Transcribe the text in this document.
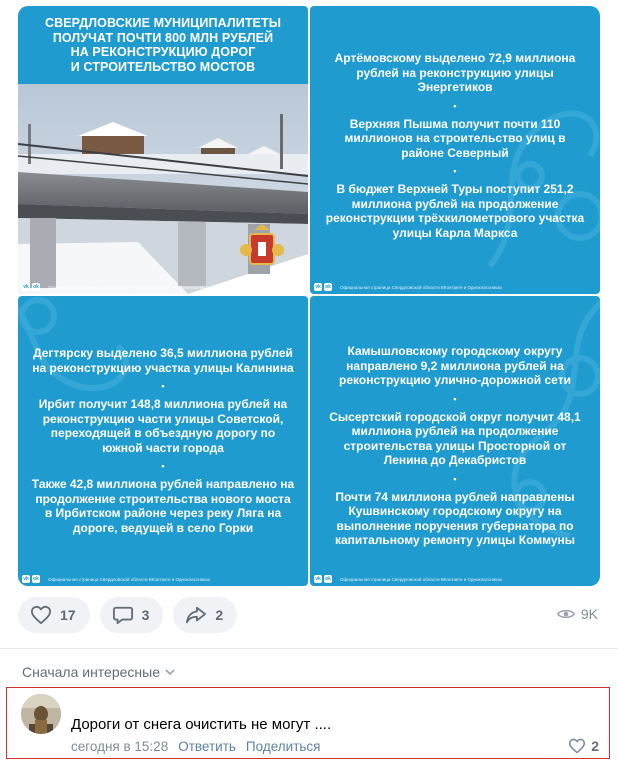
СВЕРДЛОВСКИЕ МУНИЦИПАЛИТЕТЫ
ПОЛУЧАТ ПОЧТИ 800 МЛН РУБЛЕЙ
НА РЕКОНСТРУКЦИЮ ДОРОГ
И СТРОИТЕЛЬСТВО МОСТОВ
vk ok Официальная страница Свердловской области ВКонтакте и Одноклассниках
Артёмовскому выделено 72,9 миллиона рублей на реконструкцию улицы Энергетиков
•
Верхняя Пышма получит почти 110 миллионов на строительство улиц в районе Северный
•
В бюджет Верхней Туры поступит 251,2 миллиона рублей на продолжение реконструкции трёхкилометрового участка улицы Карла Маркса
vk ok Официальная страница Свердловской области ВКонтакте и Одноклассниках
Дегтярску выделено 36,5 миллиона рублей на реконструкцию участка улицы Калинина
•
Ирбит получит 148,8 миллиона рублей на реконструкцию части улицы Советской, переходящей в объездную дорогу по южной части города
•
Также 42,8 миллиона рублей направлено на продолжение строительства нового моста в Ирбитском районе через реку Ляга на дороге, ведущей в село Горки
vk ok Официальная страница Свердловской области ВКонтакте и Одноклассниках
Камышловскому городскому округу направлено 9,2 миллиона рублей на реконструкцию улично-дорожной сети
•
Сысертский городской округ получит 48,1 миллиона рублей на продолжение строительства улицы Просторной от Ленина до Декабристов
•
Почти 74 миллиона рублей направлены Кушвинскому городскому округу на выполнение поручения губернатора по капитальному ремонту улицы Коммуны
vk ok Официальная страница Свердловской области ВКонтакте и Одноклассниках
17	3	2	9K
Сначала интересные
Дороги от снега очистить не могут ....
сегодня в 15:28 Ответить Поделиться	2
